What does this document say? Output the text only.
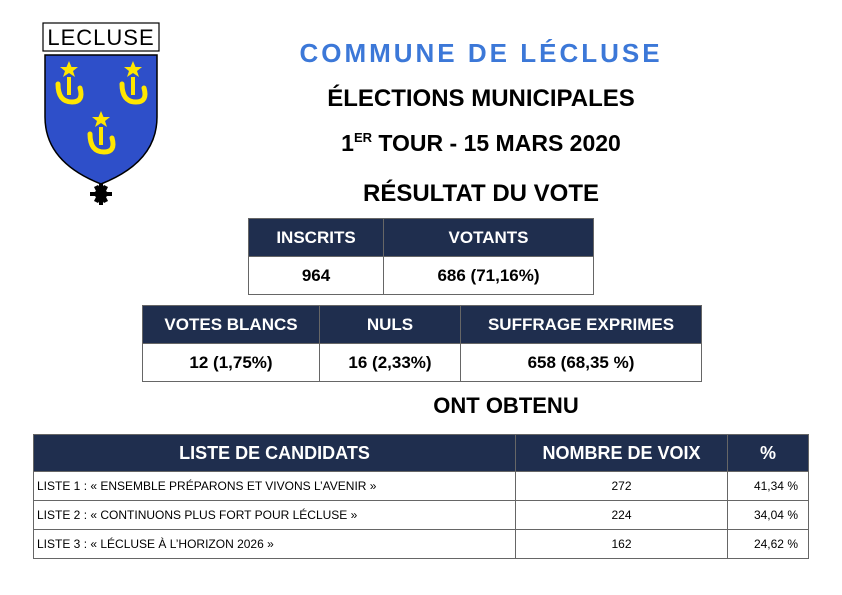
LECLUSE
COMMUNE DE LÉCLUSE
ÉLECTIONS MUNICIPALES
1ER TOUR - 15 MARS 2020
RÉSULTAT DU VOTE
INSCRITS	VOTANTS
964	686 (71,16%)
VOTES BLANCS	NULS	SUFFRAGE EXPRIMES
12 (1,75%)	16 (2,33%)	658 (68,35 %)
ONT OBTENU
LISTE DE CANDIDATS	NOMBRE DE VOIX	%
LISTE 1 : « ENSEMBLE PRÉPARONS ET VIVONS L’AVENIR »	272	41,34 %
LISTE 2 : « CONTINUONS PLUS FORT POUR LÉCLUSE »	224	34,04 %
LISTE 3 : « LÉCLUSE À L’HORIZON 2026 »	162	24,62 %
